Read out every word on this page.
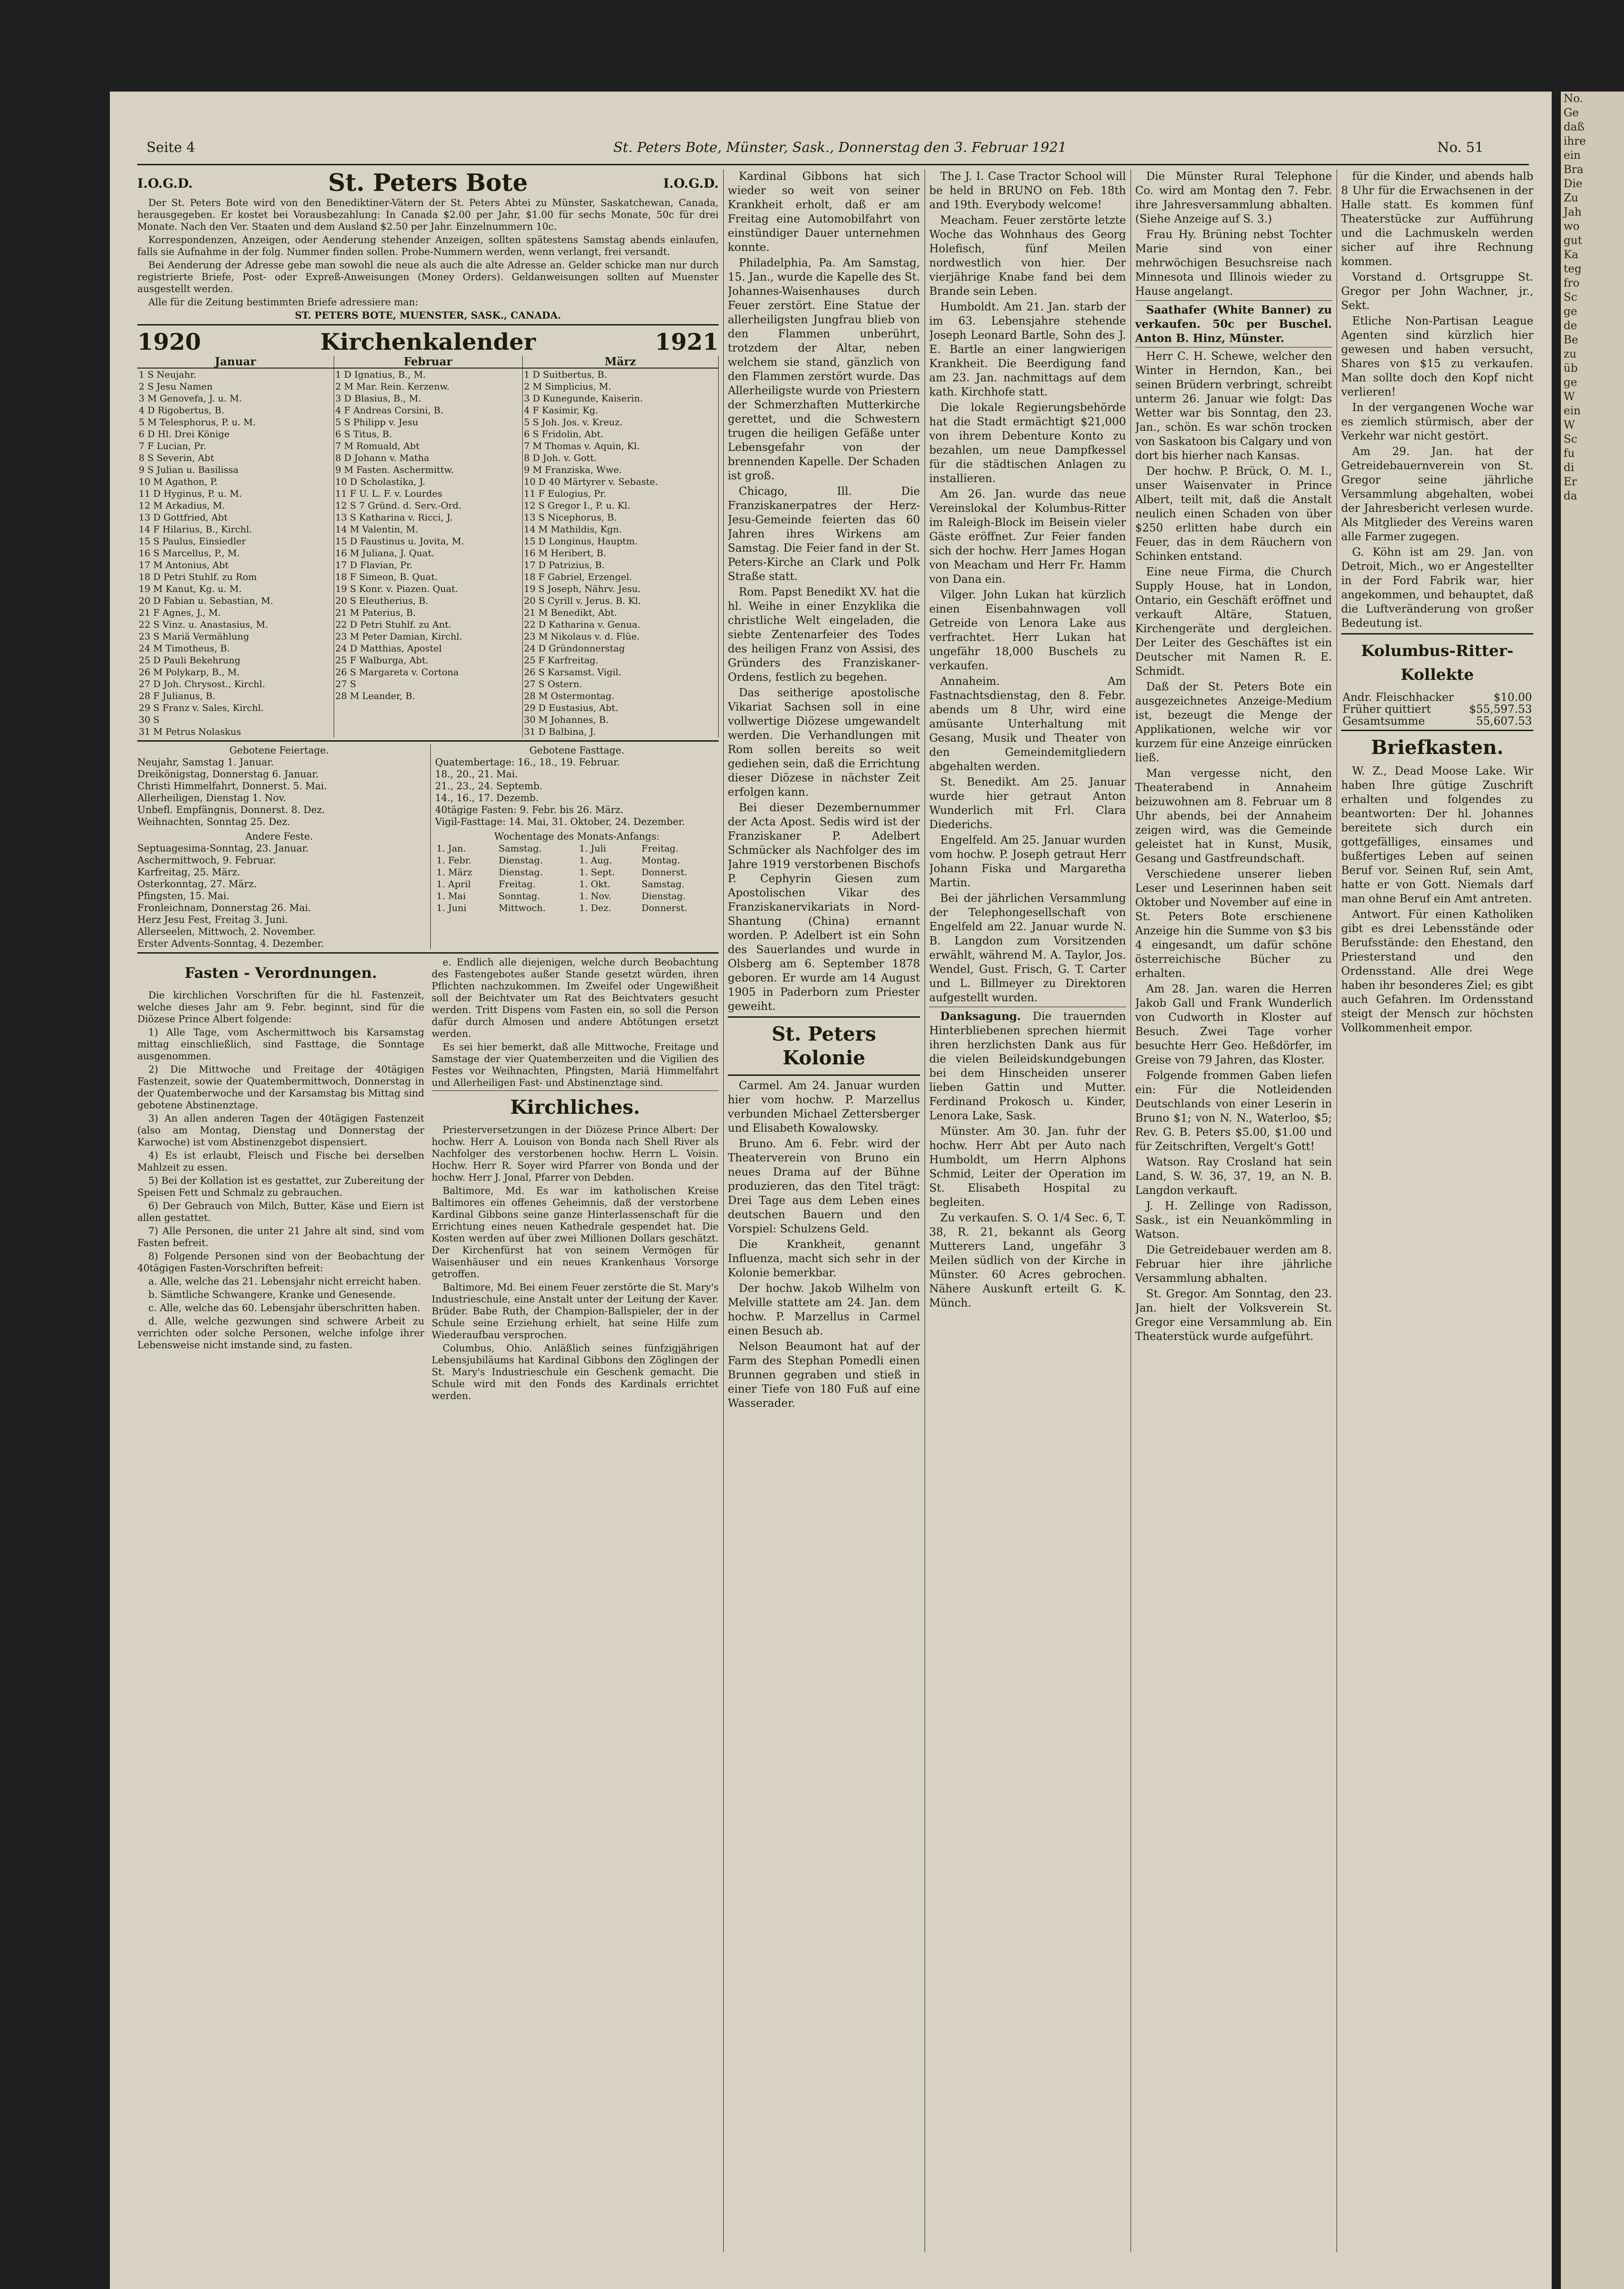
Seite 4	St. Peters Bote, Münster, Sask., Donnerstag den 3. Februar 1921	No. 51
I.O.G.D.	St. Peters Bote	I.O.G.D.

Der St. Peters Bote wird von den Benediktiner-Vätern der St. Peters Abtei zu Münster, Saskatchewan, Canada, herausgegeben. Er kostet bei Vorausbezahlung: In Canada $2.00 per Jahr, $1.00 für sechs Monate, 50c für drei Monate. Nach den Ver. Staaten und dem Ausland $2.50 per Jahr. Einzelnummern 10c.

Korrespondenzen, Anzeigen, oder Aenderung stehender Anzeigen, sollten spätestens Samstag abends einlaufen, falls sie Aufnahme in der folg. Nummer finden sollen. Probe-Nummern werden, wenn verlangt, frei versandt.

Bei Aenderung der Adresse gebe man sowohl die neue als auch die alte Adresse an. Gelder schicke man nur durch registrierte Briefe, Post- oder Expreß-Anweisungen (Money Orders). Geldanweisungen sollten auf Muenster ausgestellt werden.

Alle für die Zeitung bestimmten Briefe adressiere man:

ST. PETERS BOTE, MUENSTER, SASK., CANADA.
1920	Kirchenkalender	1921
Januar	Februar	März
1 S Neujahr.	1 D Ignatius, B., M.	1 D Suitbertus, B.
2 S Jesu Namen	2 M Mar. Rein. Kerzenw.	2 M Simplicius, M.
3 M Genovefa, J. u. M.	3 D Blasius, B., M.	3 D Kunegunde, Kaiserin.
4 D Rigobertus, B.	4 F Andreas Corsini, B.	4 F Kasimir, Kg.
5 M Telesphorus, P. u. M.	5 S Philipp v. Jesu	5 S Joh. Jos. v. Kreuz.
6 D Hl. Drei Könige	6 S Titus, B.	6 S Fridolin, Abt.
7 F Lucian, Pr.	7 M Romuald, Abt	7 M Thomas v. Aquin, Kl.
8 S Severin, Abt	8 D Johann v. Matha	8 D Joh. v. Gott.
9 S Julian u. Basilissa	9 M Fasten. Aschermittw.	9 M Franziska, Wwe.
10 M Agathon, P.	10 D Scholastika, J.	10 D 40 Märtyrer v. Sebaste.
11 D Hyginus, P. u. M.	11 F U. L. F. v. Lourdes	11 F Eulogius, Pr.
12 M Arkadius, M.	12 S 7 Gründ. d. Serv.-Ord.	12 S Gregor I., P. u. Kl.
13 D Gottfried, Abt	13 S Katharina v. Ricci, J.	13 S Nicephorus, B.
14 F Hilarius, B., Kirchl.	14 M Valentin, M.	14 M Mathildis, Kgn.
15 S Paulus, Einsiedler	15 D Faustinus u. Jovita, M.	15 D Longinus, Hauptm.
16 S Marcellus, P., M.	16 M Juliana, J. Quat.	16 M Heribert, B.
17 M Antonius, Abt	17 D Flavian, Pr.	17 D Patrizius, B.
18 D Petri Stuhlf. zu Rom	18 F Simeon, B. Quat.	18 F Gabriel, Erzengel.
19 M Kanut, Kg. u. M.	19 S Konr. v. Piazen. Quat.	19 S Joseph, Nährv. Jesu.
20 D Fabian u. Sebastian, M.	20 S Eleutherius, B.	20 S Cyrill v. Jerus. B. Kl.
21 F Agnes, J., M.	21 M Paterius, B.	21 M Benedikt, Abt.
22 S Vinz. u. Anastasius, M.	22 D Petri Stuhlf. zu Ant.	22 D Katharina v. Genua.
23 S Mariä Vermählung	23 M Peter Damian, Kirchl.	23 M Nikolaus v. d. Flüe.
24 M Timotheus, B.	24 D Matthias, Apostel	24 D Gründonnerstag
25 D Pauli Bekehrung	25 F Walburga, Abt.	25 F Karfreitag.
26 M Polykarp, B., M.	26 S Margareta v. Cortona	26 S Karsamst. Vigil.
27 D Joh. Chrysost., Kirchl.	27 S	27 S Ostern.
28 F Julianus, B.	28 M Leander, B.	28 M Ostermontag.
29 S Franz v. Sales, Kirchl.		29 D Eustasius, Abt.
30 S		30 M Johannes, B.
31 M Petrus Nolaskus		31 D Balbina, J.
Gebotene Feiertage.
Neujahr, Samstag 1. Januar.
Dreikönigstag, Donnerstag 6. Januar.
Christi Himmelfahrt, Donnerst. 5. Mai.
Allerheiligen, Dienstag 1. Nov.
Unbefl. Empfängnis, Donnerst. 8. Dez.
Weihnachten, Sonntag 25. Dez.
Andere Feste.
Septuagesima-Sonntag, 23. Januar.
Aschermittwoch, 9. Februar.
Karfreitag, 25. März.
Osterkonntag, 27. März.
Pfingsten, 15. Mai.
Fronleichnam, Donnerstag 26. Mai.
Herz Jesu Fest, Freitag 3. Juni.
Allerseelen, Mittwoch, 2. November.
Erster Advents-Sonntag, 4. Dezember.
Gebotene Fasttage.
Quatembertage: 16., 18., 19. Februar.
18., 20., 21. Mai.
21., 23., 24. Septemb.
14., 16., 17. Dezemb.
40tägige Fasten: 9. Febr. bis 26. März.
Vigil-Fasttage: 14. Mai, 31. Oktober, 24. Dezember.
Wochentage des Monats-Anfangs:
1. Jan.	Samstag.	1. Juli	Freitag.
1. Febr.	Dienstag.	1. Aug.	Montag.
1. März	Dienstag.	1. Sept.	Donnerst.
1. April	Freitag.	1. Okt.	Samstag.
1. Mai	Sonntag.	1. Nov.	Dienstag.
1. Juni	Mittwoch.	1. Dez.	Donnerst.
Fasten - Verordnungen.

Die kirchlichen Vorschriften für die hl. Fastenzeit, welche dieses Jahr am 9. Febr. beginnt, sind für die Diözese Prince Albert folgende:

1) Alle Tage, vom Aschermittwoch bis Karsamstag mittag einschließlich, sind Fasttage, die Sonntage ausgenommen.

2) Die Mittwoche und Freitage der 40tägigen Fastenzeit, sowie der Quatembermittwoch, Donnerstag in der Quatemberwoche und der Karsamstag bis Mittag sind gebotene Abstinenztage.

3) An allen anderen Tagen der 40tägigen Fastenzeit (also am Montag, Dienstag und Donnerstag der Karwoche) ist vom Abstinenzgebot dispensiert.

4) Es ist erlaubt, Fleisch und Fische bei derselben Mahlzeit zu essen.

5) Bei der Kollation ist es gestattet, zur Zubereitung der Speisen Fett und Schmalz zu gebrauchen.

6) Der Gebrauch von Milch, Butter, Käse und Eiern ist allen gestattet.

7) Alle Personen, die unter 21 Jahre alt sind, sind vom Fasten befreit.

8) Folgende Personen sind von der Beobachtung der 40tägigen Fasten-Vorschriften befreit:

a. Alle, welche das 21. Lebensjahr nicht erreicht haben.

b. Sämtliche Schwangere, Kranke und Genesende.

c. Alle, welche das 60. Lebensjahr überschritten haben.

d. Alle, welche gezwungen sind schwere Arbeit zu verrichten oder solche Personen, welche infolge ihrer Lebensweise nicht imstande sind, zu fasten.

e. Endlich alle diejenigen, welche durch Beobachtung des Fastengebotes außer Stande gesetzt würden, ihren Pflichten nachzukommen. Im Zweifel oder Ungewißheit soll der Beichtvater um Rat des Beichtvaters gesucht werden. Tritt Dispens vom Fasten ein, so soll die Person dafür durch Almosen und andere Abtötungen ersetzt werden.

Es sei hier bemerkt, daß alle Mittwoche, Freitage und Samstage der vier Quatemberzeiten und die Vigilien des Festes vor Weihnachten, Pfingsten, Mariä Himmelfahrt und Allerheiligen Fast- und Abstinenztage sind.

Kirchliches.

Priesterversetzungen in der Diözese Prince Albert: Der hochw. Herr A. Louison von Bonda nach Shell River als Nachfolger des verstorbenen hochw. Herrn L. Voisin. Hochw. Herr R. Soyer wird Pfarrer von Bonda und der hochw. Herr J. Jonal, Pfarrer von Debden.

Baltimore, Md. Es war im katholischen Kreise Baltimores ein offenes Geheimnis, daß der verstorbene Kardinal Gibbons seine ganze Hinterlassenschaft für die Errichtung eines neuen Kathedrale gespendet hat. Die Kosten werden auf über zwei Millionen Dollars geschätzt. Der Kirchenfürst hat von seinem Vermögen für Waisenhäuser und ein neues Krankenhaus Vorsorge getroffen.

Baltimore, Md. Bei einem Feuer zerstörte die St. Mary's Industrieschule, eine Anstalt unter der Leitung der Kaver. Brüder. Babe Ruth, der Champion-Ballspieler, der in der Schule seine Erziehung erhielt, hat seine Hilfe zum Wiederaufbau versprochen.

Columbus, Ohio. Anläßlich seines fünfzigjährigen Lebensjubiläums hat Kardinal Gibbons den Zöglingen der St. Mary's Industrieschule ein Geschenk gemacht. Die Schule wird mit den Fonds des Kardinals errichtet werden.

Kardinal Gibbons hat sich wieder so weit von seiner Krankheit erholt, daß er am Freitag eine Automobilfahrt von einstündiger Dauer unternehmen konnte.

Philadelphia, Pa. Am Samstag, 15. Jan., wurde die Kapelle des St. Johannes-Waisenhauses durch Feuer zerstört. Eine Statue der allerheiligsten Jungfrau blieb von den Flammen unberührt, trotzdem der Altar, neben welchem sie stand, gänzlich von den Flammen zerstört wurde. Das Allerheiligste wurde von Priestern der Schmerzhaften Mutterkirche gerettet, und die Schwestern trugen die heiligen Gefäße unter Lebensgefahr von der brennenden Kapelle. Der Schaden ist groß.

Chicago, Ill. Die Franziskanerpatres der Herz-Jesu-Gemeinde feierten das 60 Jahren ihres Wirkens am Samstag. Die Feier fand in der St. Peters-Kirche an Clark und Polk Straße statt.

Rom. Papst Benedikt XV. hat die hl. Weihe in einer Enzyklika die christliche Welt eingeladen, die siebte Zentenarfeier des Todes des heiligen Franz von Assisi, des Gründers des Franziskaner-Ordens, festlich zu begehen.

Das seitherige apostolische Vikariat Sachsen soll in eine vollwertige Diözese umgewandelt werden. Die Verhandlungen mit Rom sollen bereits so weit gediehen sein, daß die Errichtung dieser Diözese in nächster Zeit erfolgen kann.

Bei dieser Dezembernummer der Acta Apost. Sedis wird ist der Franziskaner P. Adelbert Schmücker als Nachfolger des im Jahre 1919 verstorbenen Bischofs P. Cephyrin Giesen zum Apostolischen Vikar des Franziskanervikariats in Nord-Shantung (China) ernannt worden. P. Adelbert ist ein Sohn des Sauerlandes und wurde in Olsberg am 6. September 1878 geboren. Er wurde am 14 August 1905 in Paderborn zum Priester geweiht.

St. Peters Kolonie

Carmel. Am 24. Januar wurden hier vom hochw. P. Marzellus verbunden Michael Zettersberger und Elisabeth Kowalowsky.

Bruno. Am 6. Febr. wird der Theaterverein von Bruno ein neues Drama auf der Bühne produzieren, das den Titel trägt: Drei Tage aus dem Leben eines deutschen Bauern und den Vorspiel: Schulzens Geld.

Die Krankheit, genannt Influenza, macht sich sehr in der Kolonie bemerkbar.

Der hochw. Jakob Wilhelm von Melville stattete am 24. Jan. dem hochw. P. Marzellus in Carmel einen Besuch ab.

Nelson Beaumont hat auf der Farm des Stephan Pomedli einen Brunnen gegraben und stieß in einer Tiefe von 180 Fuß auf eine Wasserader.

The J. I. Case Tractor School will be held in BRUNO on Feb. 18th and 19th. Everybody welcome!

Meacham. Feuer zerstörte letzte Woche das Wohnhaus des Georg Holefisch, fünf Meilen nordwestlich von hier. Der vierjährige Knabe fand bei dem Brande sein Leben.

Humboldt. Am 21. Jan. starb der im 63. Lebensjahre stehende Joseph Leonard Bartle, Sohn des J. E. Bartle an einer langwierigen Krankheit. Die Beerdigung fand am 23. Jan. nachmittags auf dem kath. Kirchhofe statt.

Die lokale Regierungsbehörde hat die Stadt ermächtigt $21,000 von ihrem Debenture Konto zu bezahlen, um neue Dampfkessel für die städtischen Anlagen zu installieren.

Am 26. Jan. wurde das neue Vereinslokal der Kolumbus-Ritter im Raleigh-Block im Beisein vieler Gäste eröffnet. Zur Feier fanden sich der hochw. Herr James Hogan von Meacham und Herr Fr. Hamm von Dana ein.

Vilger. John Lukan hat kürzlich einen Eisenbahnwagen voll Getreide von Lenora Lake aus verfrachtet. Herr Lukan hat ungefähr 18,000 Buschels zu verkaufen.

Annaheim. Am Fastnachtsdienstag, den 8. Febr. abends um 8 Uhr, wird eine amüsante Unterhaltung mit Gesang, Musik und Theater von den Gemeindemitgliedern abgehalten werden.

St. Benedikt. Am 25. Januar wurde hier getraut Anton Wunderlich mit Frl. Clara Diederichs.

Engelfeld. Am 25. Januar wurden vom hochw. P. Joseph getraut Herr Johann Fiska und Margaretha Martin.

Bei der jährlichen Versammlung der Telephongesellschaft von Engelfeld am 22. Januar wurde N. B. Langdon zum Vorsitzenden erwählt, während M. A. Taylor, Jos. Wendel, Gust. Frisch, G. T. Carter und L. Billmeyer zu Direktoren aufgestellt wurden.

Danksagung. Die trauernden Hinterbliebenen sprechen hiermit ihren herzlichsten Dank aus für die vielen Beileidskundgebungen bei dem Hinscheiden unserer lieben Gattin und Mutter. Ferdinand Prokosch u. Kinder, Lenora Lake, Sask.

Münster. Am 30. Jan. fuhr der hochw. Herr Abt per Auto nach Humboldt, um Herrn Alphons Schmid, Leiter der Operation im St. Elisabeth Hospital zu begleiten.

Zu verkaufen. S. O. 1/4 Sec. 6, T. 38, R. 21, bekannt als Georg Mutterers Land, ungefähr 3 Meilen südlich von der Kirche in Münster. 60 Acres gebrochen. Nähere Auskunft erteilt G. K. Münch.

Die Münster Rural Telephone Co. wird am Montag den 7. Febr. ihre Jahresversammlung abhalten. (Siehe Anzeige auf S. 3.)

Frau Hy. Brüning nebst Tochter Marie sind von einer mehrwöchigen Besuchsreise nach Minnesota und Illinois wieder zu Hause angelangt.

Saathafer (White Banner) zu verkaufen. 50c per Buschel. Anton B. Hinz, Münster.

Herr C. H. Schewe, welcher den Winter in Herndon, Kan., bei seinen Brüdern verbringt, schreibt unterm 26. Januar wie folgt: Das Wetter war bis Sonntag, den 23. Jan., schön. Es war schön trocken von Saskatoon bis Calgary und von dort bis hierher nach Kansas.

Der hochw. P. Brück, O. M. I., unser Waisenvater in Prince Albert, teilt mit, daß die Anstalt neulich einen Schaden von über $250 erlitten habe durch ein Feuer, das in dem Räuchern von Schinken entstand.

Eine neue Firma, die Church Supply House, hat in London, Ontario, ein Geschäft eröffnet und verkauft Altäre, Statuen, Kirchengeräte und dergleichen. Der Leiter des Geschäftes ist ein Deutscher mit Namen R. E. Schmidt.

Daß der St. Peters Bote ein ausgezeichnetes Anzeige-Medium ist, bezeugt die Menge der Applikationen, welche wir vor kurzem für eine Anzeige einrücken ließ.

Man vergesse nicht, den Theaterabend in Annaheim beizuwohnen am 8. Februar um 8 Uhr abends, bei der Annaheim zeigen wird, was die Gemeinde geleistet hat in Kunst, Musik, Gesang und Gastfreundschaft.

Verschiedene unserer lieben Leser und Leserinnen haben seit Oktober und November auf eine in St. Peters Bote erschienene Anzeige hin die Summe von $3 bis 4 eingesandt, um dafür schöne österreichische Bücher zu erhalten.

Am 28. Jan. waren die Herren Jakob Gall und Frank Wunderlich von Cudworth in Kloster auf Besuch. Zwei Tage vorher besuchte Herr Geo. Heßdörfer, im Greise von 79 Jahren, das Kloster.

Folgende frommen Gaben liefen ein: Für die Notleidenden Deutschlands von einer Leserin in Bruno $1; von N. N., Waterloo, $5; Rev. G. B. Peters $5.00, $1.00 und für Zeitschriften, Vergelt's Gott!

Watson. Ray Crosland hat sein Land, S. W. 36, 37, 19, an N. B. Langdon verkauft.

J. H. Zellinge von Radisson, Sask., ist ein Neuankömmling in Watson.

Die Getreidebauer werden am 8. Februar hier ihre jährliche Versammlung abhalten.

St. Gregor. Am Sonntag, den 23. Jan. hielt der Volksverein St. Gregor eine Versammlung ab. Ein Theaterstück wurde aufgeführt.

für die Kinder, und abends halb 8 Uhr für die Erwachsenen in der Halle statt. Es kommen fünf Theaterstücke zur Aufführung und die Lachmuskeln werden sicher auf ihre Rechnung kommen.

Vorstand d. Ortsgruppe St. Gregor per John Wachner, jr., Sekt.

Etliche Non-Partisan League Agenten sind kürzlich hier gewesen und haben versucht, Shares von $15 zu verkaufen. Man sollte doch den Kopf nicht verlieren!

In der vergangenen Woche war es ziemlich stürmisch, aber der Verkehr war nicht gestört.

Am 29. Jan. hat der Getreidebauernverein von St. Gregor seine jährliche Versammlung abgehalten, wobei der Jahresbericht verlesen wurde. Als Mitglieder des Vereins waren alle Farmer zugegen.

G. Köhn ist am 29. Jan. von Detroit, Mich., wo er Angestellter in der Ford Fabrik war, hier angekommen, und behauptet, daß die Luftveränderung von großer Bedeutung ist.

Kolumbus-Ritter-Kollekte
Andr. Fleischhacker	$10.00
Früher quittiert	$55,597.53
Gesamtsumme	55,607.53
Briefkasten.

W. Z., Dead Moose Lake. Wir haben Ihre gütige Zuschrift erhalten und folgendes zu beantworten: Der hl. Johannes bereitete sich durch ein gottgefälliges, einsames und bußfertiges Leben auf seinen Beruf vor. Seinen Ruf, sein Amt, hatte er von Gott. Niemals darf man ohne Beruf ein Amt antreten.

Antwort. Für einen Katholiken gibt es drei Lebensstände oder Berufsstände: den Ehestand, den Priesterstand und den Ordensstand. Alle drei Wege haben ihr besonderes Ziel; es gibt auch Gefahren. Im Ordensstand steigt der Mensch zur höchsten Vollkommenheit empor.

No.
Ge
daß
ihre
ein
Bra
Die
Zu
Jah
wo
gut
Ka
teg
fro
Sc
ge
de
Be
zu
üb
ge
W
ein
W
Sc
fu
di
Er
da
